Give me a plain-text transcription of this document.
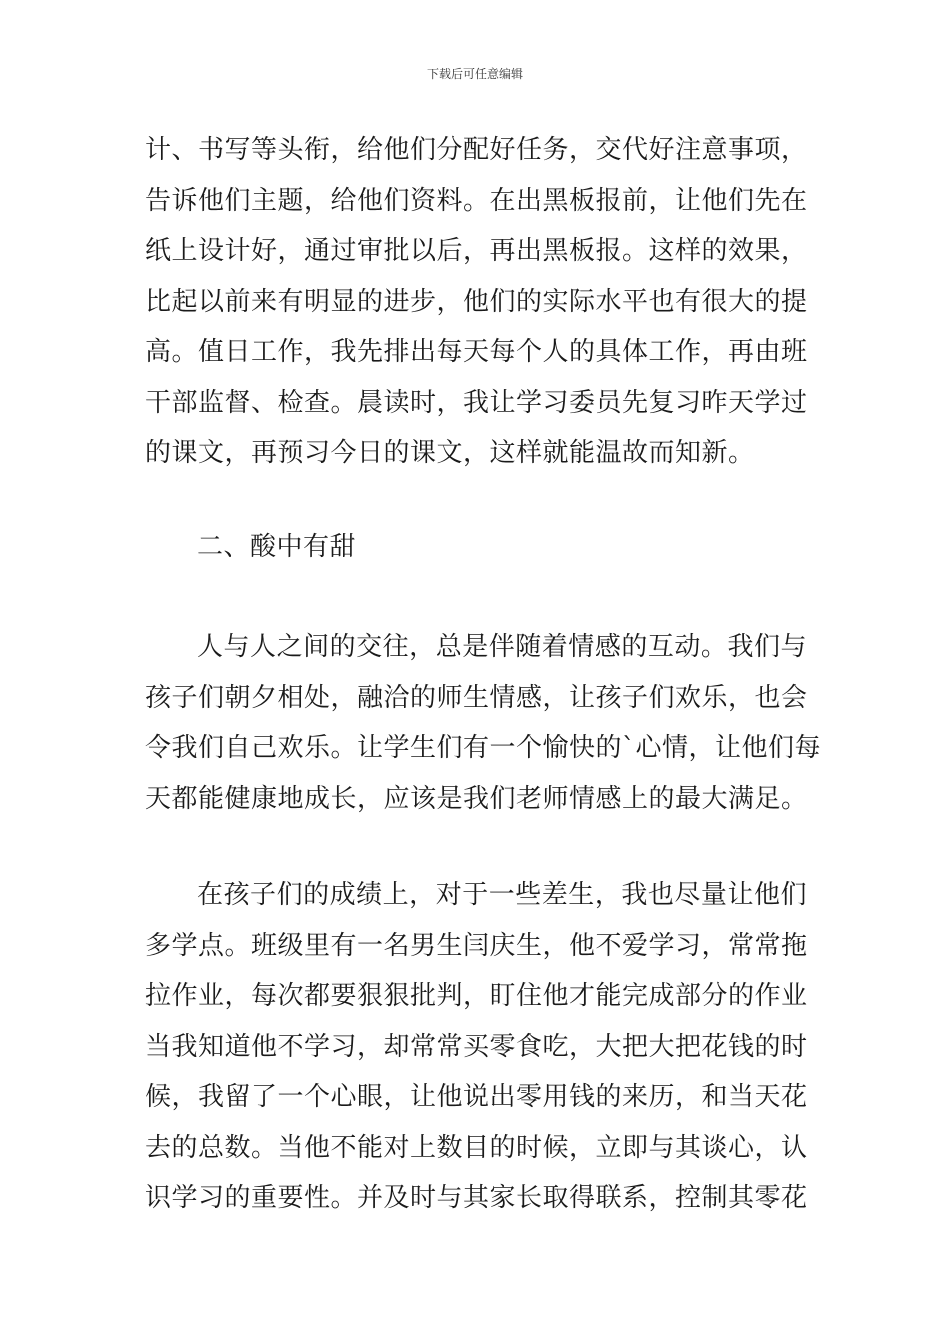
下载后可任意编辑
计、书写等头衔，给他们分配好任务，交代好注意事项，
告诉他们主题，给他们资料。在出黑板报前，让他们先在
纸上设计好，通过审批以后，再出黑板报。这样的效果，
比起以前来有明显的进步，他们的实际水平也有很大的提
高。值日工作，我先排出每天每个人的具体工作，再由班
干部监督、检查。晨读时，我让学习委员先复习昨天学过
的课文，再预习今日的课文，这样就能温故而知新。
二、酸中有甜
人与人之间的交往，总是伴随着情感的互动。我们与
孩子们朝夕相处，融洽的师生情感，让孩子们欢乐，也会
令我们自己欢乐。让学生们有一个愉快的`心情，让他们每
天都能健康地成长，应该是我们老师情感上的最大满足。
在孩子们的成绩上，对于一些差生，我也尽量让他们
多学点。班级里有一名男生闫庆生，他不爱学习，常常拖
拉作业，每次都要狠狠批判，盯住他才能完成部分的作业
当我知道他不学习，却常常买零食吃，大把大把花钱的时
候，我留了一个心眼，让他说出零用钱的来历，和当天花
去的总数。当他不能对上数目的时候，立即与其谈心，认
识学习的重要性。并及时与其家长取得联系，控制其零花
